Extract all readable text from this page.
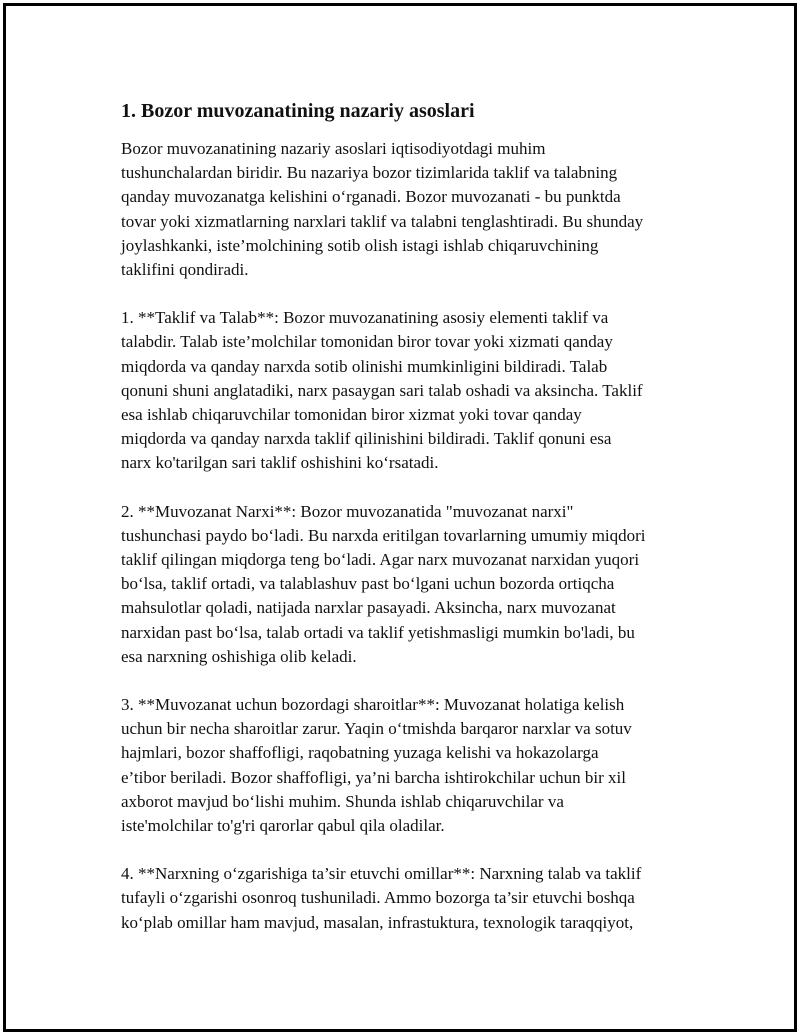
1. Bozor muvozanatining nazariy asoslari

Bozor muvozanatining nazariy asoslari iqtisodiyotdagi muhim
tushunchalardan biridir. Bu nazariya bozor tizimlarida taklif va talabning
qanday muvozanatga kelishini o‘rganadi. Bozor muvozanati - bu punktda
tovar yoki xizmatlarning narxlari taklif va talabni tenglashtiradi. Bu shunday
joylashkanki, iste’molchining sotib olish istagi ishlab chiqaruvchining
taklifini qondiradi.

1. **Taklif va Talab**: Bozor muvozanatining asosiy elementi taklif va
talabdir. Talab iste’molchilar tomonidan biror tovar yoki xizmati qanday
miqdorda va qanday narxda sotib olinishi mumkinligini bildiradi. Talab
qonuni shuni anglatadiki, narx pasaygan sari talab oshadi va aksincha. Taklif
esa ishlab chiqaruvchilar tomonidan biror xizmat yoki tovar qanday
miqdorda va qanday narxda taklif qilinishini bildiradi. Taklif qonuni esa
narx ko'tarilgan sari taklif oshishini ko‘rsatadi.

2. **Muvozanat Narxi**: Bozor muvozanatida "muvozanat narxi"
tushunchasi paydo bo‘ladi. Bu narxda eritilgan tovarlarning umumiy miqdori
taklif qilingan miqdorga teng bo‘ladi. Agar narx muvozanat narxidan yuqori
bo‘lsa, taklif ortadi, va talablashuv past bo‘lgani uchun bozorda ortiqcha
mahsulotlar qoladi, natijada narxlar pasayadi. Aksincha, narx muvozanat
narxidan past bo‘lsa, talab ortadi va taklif yetishmasligi mumkin bo'ladi, bu
esa narxning oshishiga olib keladi.

3. **Muvozanat uchun bozordagi sharoitlar**: Muvozanat holatiga kelish
uchun bir necha sharoitlar zarur. Yaqin o‘tmishda barqaror narxlar va sotuv
hajmlari, bozor shaffofligi, raqobatning yuzaga kelishi va hokazolarga
e’tibor beriladi. Bozor shaffofligi, ya’ni barcha ishtirokchilar uchun bir xil
axborot mavjud bo‘lishi muhim. Shunda ishlab chiqaruvchilar va
iste'molchilar to'g'ri qarorlar qabul qila oladilar.

4. **Narxning o‘zgarishiga ta’sir etuvchi omillar**: Narxning talab va taklif
tufayli o‘zgarishi osonroq tushuniladi. Ammo bozorga ta’sir etuvchi boshqa
ko‘plab omillar ham mavjud, masalan, infrastuktura, texnologik taraqqiyot,
